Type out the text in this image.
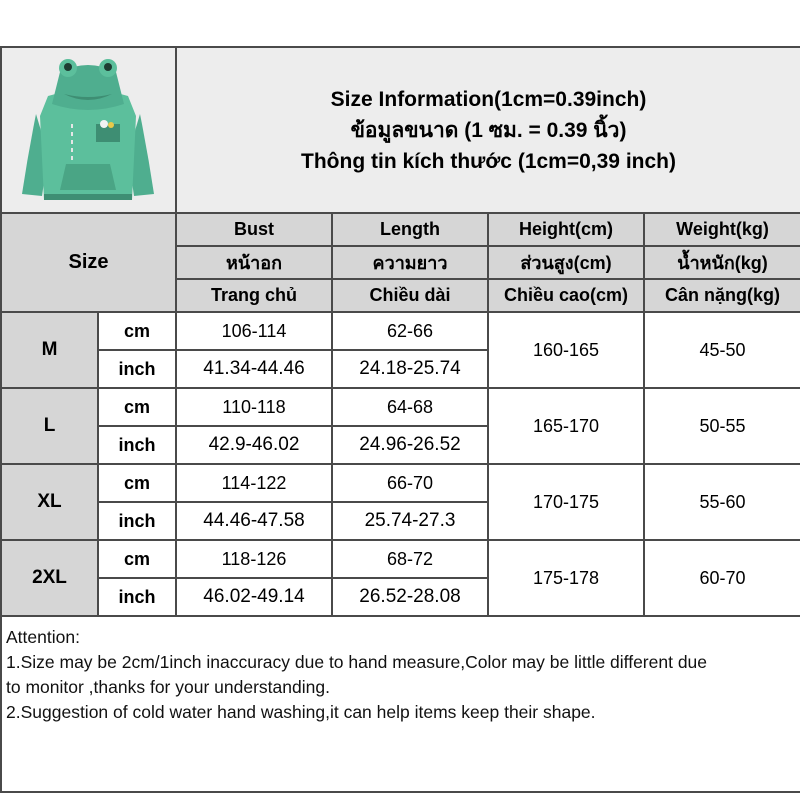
Size Information(1cm=0.39inch)
ข้อมูลขนาด (1 ซม. = 0.39 นิ้ว)
Thông tin kích thước (1cm=0,39 inch)			

Size		Bust	Length	Height(cm)	Weight(kg)
		หน้าอก	ความยาว	ส่วนสูง(cm)	น้ำหนัก(kg)
		Trang chủ	Chiều dài	Chiều cao(cm)	Cân nặng(kg)
M	cm	106-114	62-66	160-165	45-50
	inch	41.34-44.46	24.18-25.74		
L	cm	110-118	64-68	165-170	50-55
	inch	42.9-46.02	24.96-26.52		
XL	cm	114-122	66-70	170-175	55-60
	inch	44.46-47.58	25.74-27.3		
2XL	cm	118-126	68-72	175-178	60-70
	inch	46.02-49.14	26.52-28.08		

Attention:
1.Size may be 2cm/1inch inaccuracy due to hand measure,Color may be little different due
to monitor ,thanks for your understanding.
2.Suggestion of cold water hand washing,it can help items keep their shape.					
